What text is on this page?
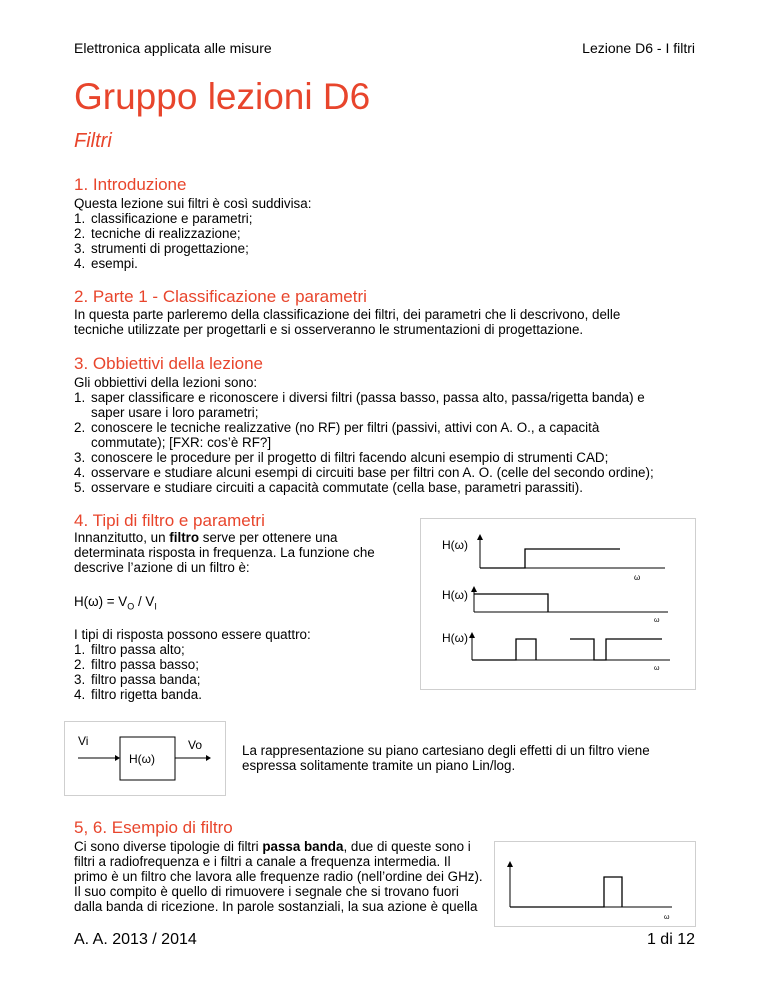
Elettronica applicata alle misure	Lezione D6 - I filtri
Gruppo lezioni D6
Filtri
1. Introduzione
Questa lezione sui filtri è così suddivisa:
1. classificazione e parametri;
2. tecniche di realizzazione;
3. strumenti di progettazione;
4. esempi.
2. Parte 1 - Classificazione e parametri
In questa parte parleremo della classificazione dei filtri, dei parametri che li descrivono, delle
tecniche utilizzate per progettarli e si osserveranno le strumentazioni di progettazione.
3. Obbiettivi della lezione
Gli obbiettivi della lezioni sono:
1. saper classificare e riconoscere i diversi filtri (passa basso, passa alto, passa/rigetta banda) e
saper usare i loro parametri;
2. conoscere le tecniche realizzative (no RF) per filtri (passivi, attivi con A. O., a capacità
commutate); [FXR: cos’è RF?]
3. conoscere le procedure per il progetto di filtri facendo alcuni esempio di strumenti CAD;
4. osservare e studiare alcuni esempi di circuiti base per filtri con A. O. (celle del secondo ordine);
5. osservare e studiare circuiti a capacità commutate (cella base, parametri parassiti).
4. Tipi di filtro e parametri
Innanzitutto, un filtro serve per ottenere una
determinata risposta in frequenza. La funzione che
descrive l’azione di un filtro è:
$H(\omega) = V_O / V_I$
I tipi di risposta possono essere quattro:
1. filtro passa alto;
2. filtro passa basso;
3. filtro passa banda;
4. filtro rigetta banda.
H(ω)
ω
H(ω)
ω
H(ω)
ω
Vi
H(ω)
Vo	La rappresentazione su piano cartesiano degli effetti di un filtro viene
espressa solitamente tramite un piano Lin/log.
5, 6. Esempio di filtro
Ci sono diverse tipologie di filtri passa banda, due di queste sono i
filtri a radiofrequenza e i filtri a canale a frequenza intermedia. Il
primo è un filtro che lavora alle frequenze radio (nell’ordine dei GHz).
Il suo compito è quello di rimuovere i segnale che si trovano fuori
dalla banda di ricezione. In parole sostanziali, la sua azione è quella
ω
A. A. 2013 / 2014	1 di 12
